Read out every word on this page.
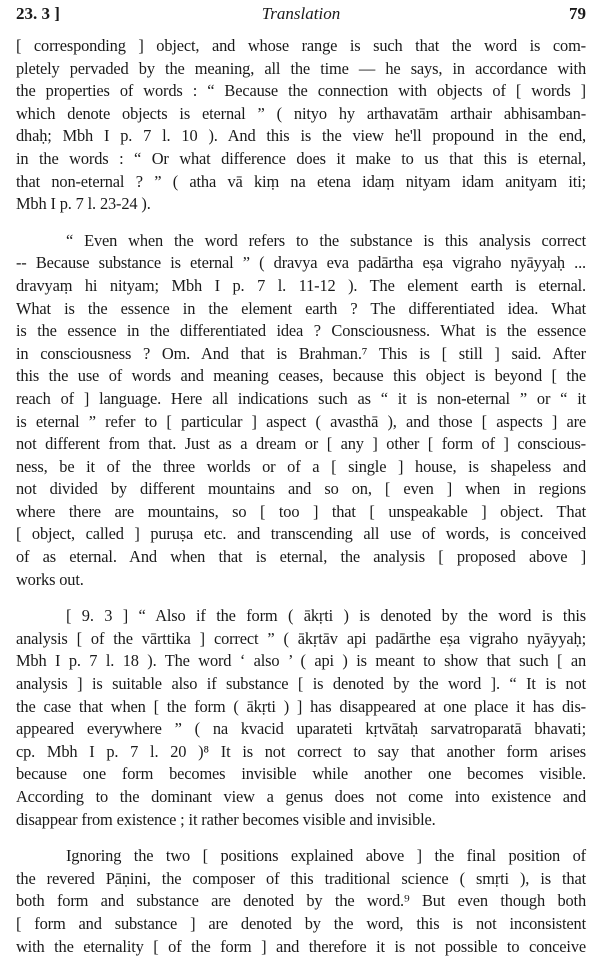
23. 3 ]	Translation	79
[ corresponding ] object, and whose range is such that the word is com-
pletely pervaded by the meaning, all the time — he says, in accordance with
the properties of words : “ Because the connection with objects of [ words ]
which denote objects is eternal ” ( nityo hy arthavatām arthair abhisamban-
dhaḥ; Mbh I p. 7 l. 10 ). And this is the view he'll propound in the end,
in the words : “ Or what difference does it make to us that this is eternal,
that non-eternal ? ” ( atha vā kiṃ na etena idaṃ nityam idam anityam iti;
Mbh I p. 7 l. 23-24 ).
“ Even when the word refers to the substance is this analysis correct
-- Because substance is eternal ” ( dravya eva padārtha eṣa vigraho nyāyyaḥ ...
dravyaṃ hi nityam; Mbh I p. 7 l. 11-12 ). The element earth is eternal.
What is the essence in the element earth ? The differentiated idea. What
is the essence in the differentiated idea ? Consciousness. What is the essence
in consciousness ? Om. And that is Brahman.⁷ This is [ still ] said. After
this the use of words and meaning ceases, because this object is beyond [ the
reach of ] language. Here all indications such as “ it is non-eternal ” or “ it
is eternal ” refer to [ particular ] aspect ( avasthā ), and those [ aspects ] are
not different from that. Just as a dream or [ any ] other [ form of ] conscious-
ness, be it of the three worlds or of a [ single ] house, is shapeless and
not divided by different mountains and so on, [ even ] when in regions
where there are mountains, so [ too ] that [ unspeakable ] object. That
[ object, called ] puruṣa etc. and transcending all use of words, is conceived
of as eternal. And when that is eternal, the analysis [ proposed above ]
works out.
[ 9. 3 ] “ Also if the form ( ākṛti ) is denoted by the word is this
analysis [ of the vārttika ] correct ” ( ākṛtāv api padārthe eṣa vigraho nyāyyaḥ;
Mbh I p. 7 l. 18 ). The word ‘ also ’ ( api ) is meant to show that such [ an
analysis ] is suitable also if substance [ is denoted by the word ]. “ It is not
the case that when [ the form ( ākṛti ) ] has disappeared at one place it has dis-
appeared everywhere ” ( na kvacid uparateti kṛtvātaḥ sarvatroparatā bhavati;
cp. Mbh I p. 7 l. 20 )⁸ It is not correct to say that another form arises
because one form becomes invisible while another one becomes visible.
According to the dominant view a genus does not come into existence and
disappear from existence ; it rather becomes visible and invisible.
Ignoring the two [ positions explained above ] the final position of
the revered Pāṇini, the composer of this traditional science ( smṛti ), is that
both form and substance are denoted by the word.⁹ But even though both
[ form and substance ] are denoted by the word, this is not inconsistent
with the eternality [ of the form ] and therefore it is not possible to conceive
